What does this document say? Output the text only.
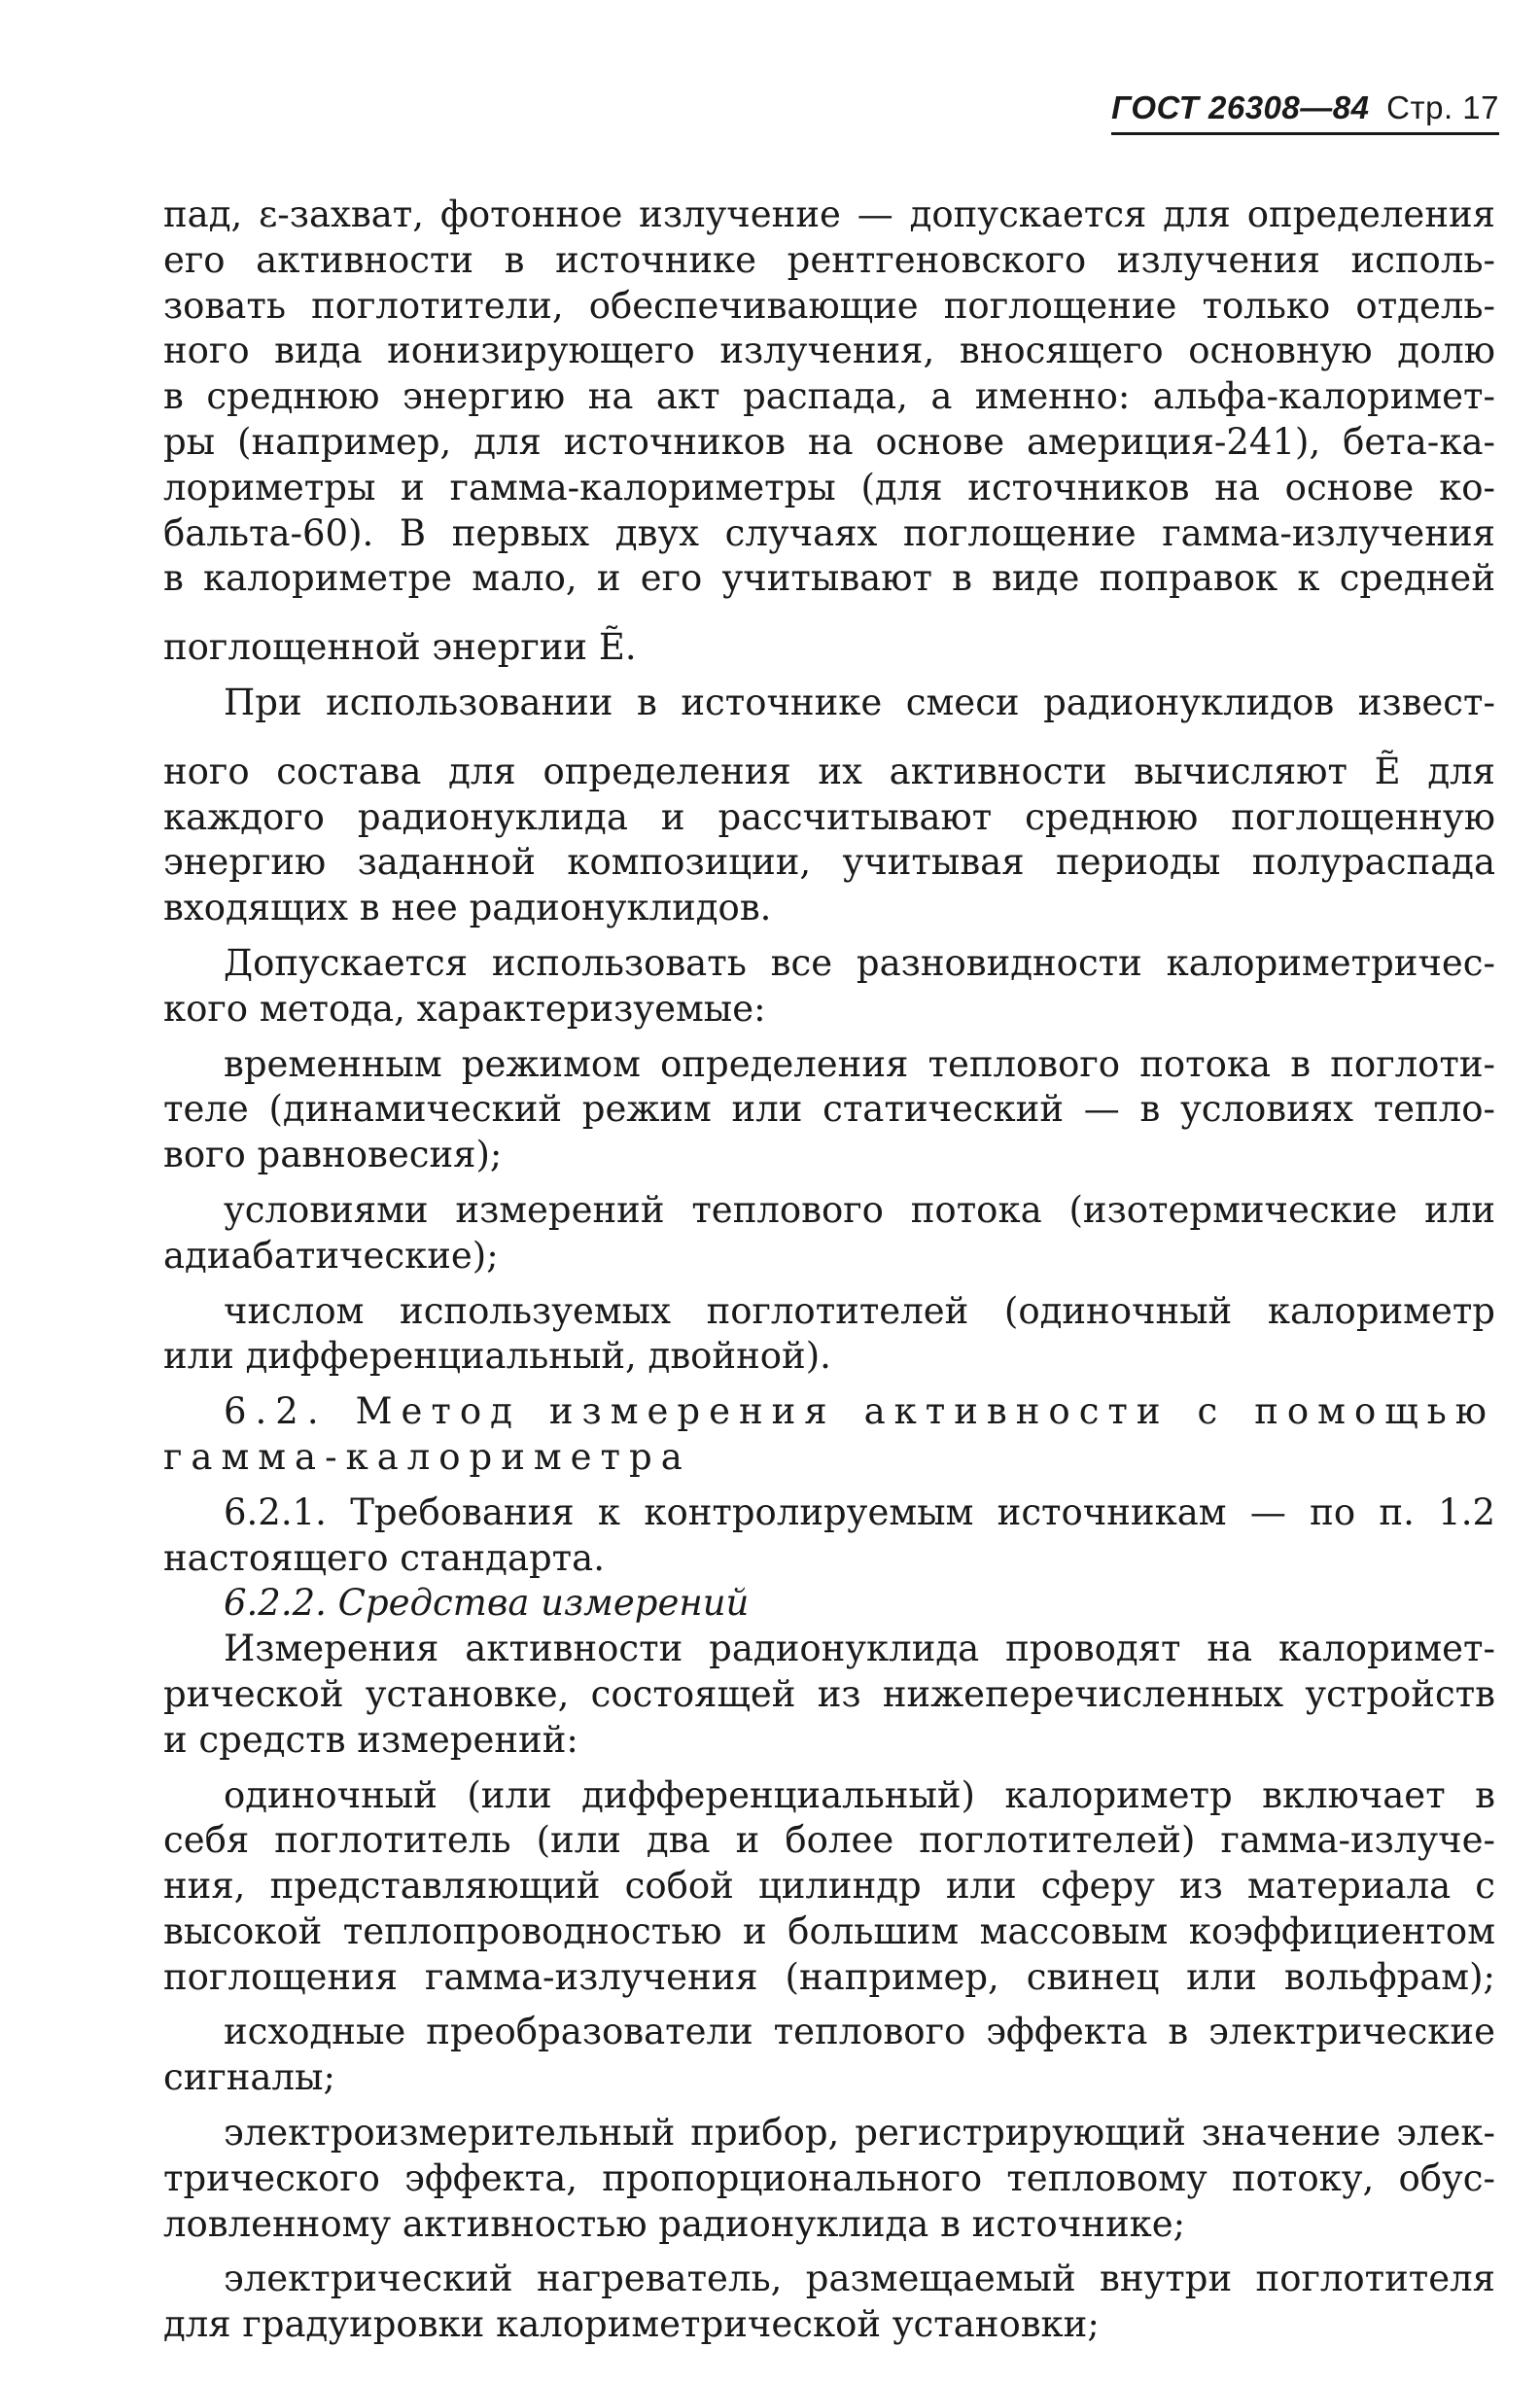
ГОСТ 26308—84 Стр. 17
пад, ε-захват, фотонное излучение — допускается для определения
его активности в источнике рентгеновского излучения исполь-
зовать поглотители, обеспечивающие поглощение только отдель-
ного вида ионизирующего излучения, вносящего основную долю
в среднюю энергию на акт распада, а именно: альфа-калоримет-
ры (например, для источников на основе америция-241), бета-ка-
лориметры и гамма-калориметры (для источников на основе ко-
бальта-60). В первых двух случаях поглощение гамма-излучения
в калориметре мало, и его учитывают в виде поправок к средней
поглощенной энергии Ẽ.
При использовании в источнике смеси радионуклидов извест-
ного состава для определения их активности вычисляют Ẽ для
каждого радионуклида и рассчитывают среднюю поглощенную
энергию заданной композиции, учитывая периоды полураспада
входящих в нее радионуклидов.
Допускается использовать все разновидности калориметричес-
кого метода, характеризуемые:
временным режимом определения теплового потока в поглоти-
теле (динамический режим или статический — в условиях тепло-
вого равновесия);
условиями измерений теплового потока (изотермические или
адиабатические);
числом используемых поглотителей (одиночный калориметр
или дифференциальный, двойной).
6.2. Метод измерения активности с помощью
гамма-калориметра
6.2.1. Требования к контролируемым источникам — по п. 1.2
настоящего стандарта.
6.2.2. Средства измерений
Измерения активности радионуклида проводят на калоримет-
рической установке, состоящей из нижеперечисленных устройств
и средств измерений:
одиночный (или дифференциальный) калориметр включает в
себя поглотитель (или два и более поглотителей) гамма-излуче-
ния, представляющий собой цилиндр или сферу из материала с
высокой теплопроводностью и большим массовым коэффициентом
поглощения гамма-излучения (например, свинец или вольфрам);
исходные преобразователи теплового эффекта в электрические
сигналы;
электроизмерительный прибор, регистрирующий значение элек-
трического эффекта, пропорционального тепловому потоку, обус-
ловленному активностью радионуклида в источнике;
электрический нагреватель, размещаемый внутри поглотителя
для градуировки калориметрической установки;
